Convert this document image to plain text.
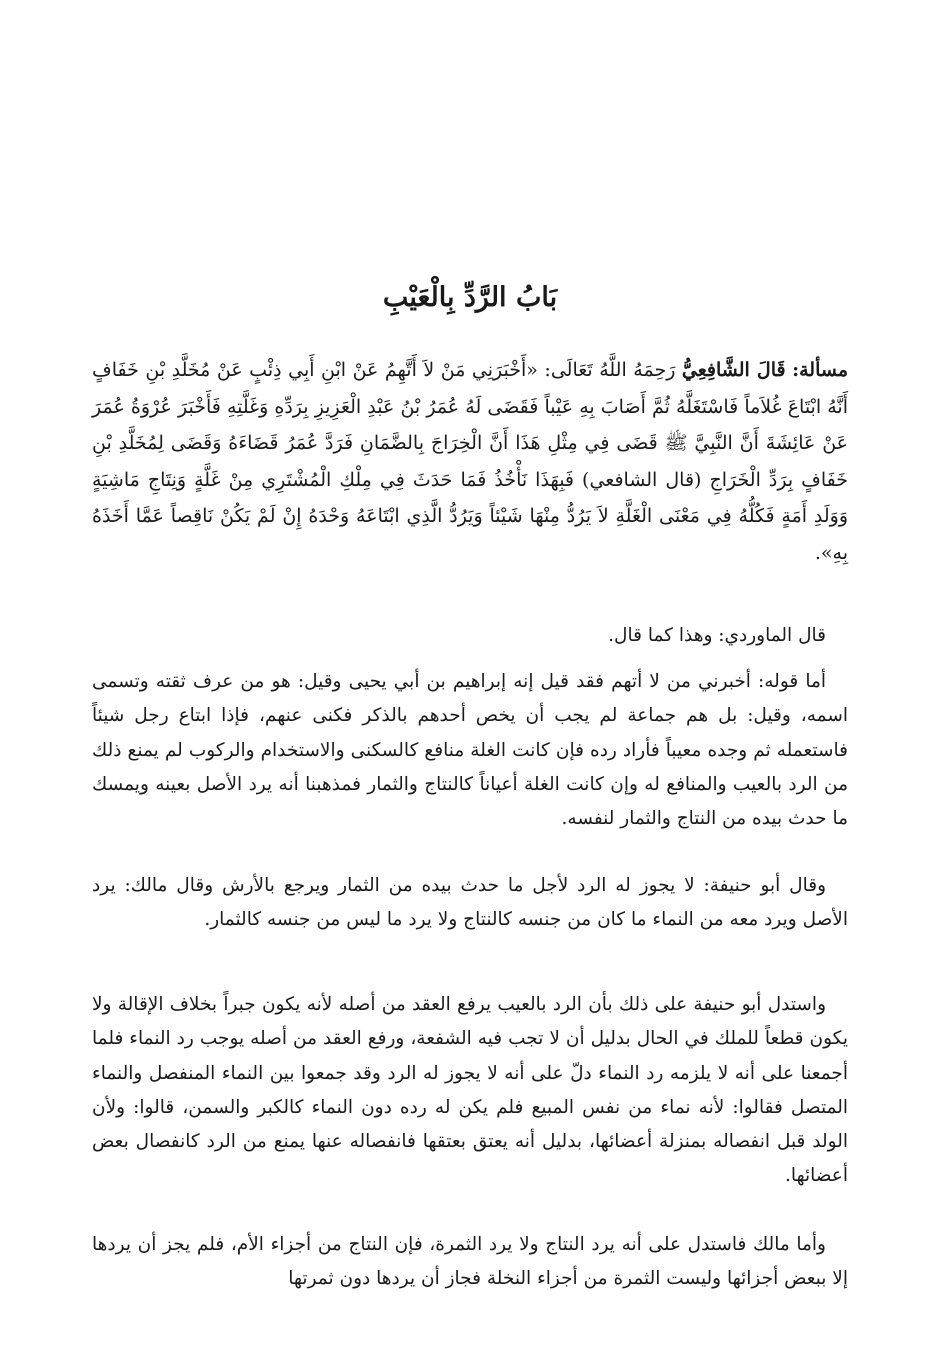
بَابُ الرَّدِّ بِالْعَيْبِ

مسألة: قَالَ الشَّافِعِيُّ رَحِمَهُ اللَّهُ تَعَالَى: «أَخْبَرَنِي مَنْ لاَ أَتَّهِمُ عَنْ ابْنِ أَبِي ذِئْبٍ عَنْ مُخَلَّدِ بْنِ خَفَافٍ أَنَّهُ ابْتَاعَ غُلاَماً فَاسْتَغَلَّهُ ثُمَّ أَصَابَ بِهِ عَيْباً فَقَضَى لَهُ عُمَرُ بْنُ عَبْدِ الْعَزِيزِ بِرَدِّهِ وَغَلَّتِهِ فَأَخْبَرَ عُرْوَةُ عُمَرَ عَنْ عَائِشَةَ أَنَّ النَّبِيَّ ﷺ قَضَى فِي مِثْلِ هَذَا أَنَّ الْخِرَاجَ بِالضَّمَانِ فَرَدَّ عُمَرُ قَضَاءَهُ وَقَضَى لِمُخَلَّدِ بْنِ خَفَافٍ بِرَدِّ الْخَرَاجِ (قال الشافعي) فَبِهَذَا نَأْخُذُ فَمَا حَدَثَ فِي مِلْكِ الْمُشْتَرِي مِنْ غَلَّةٍ وَنِتَاجِ مَاشِيَةٍ وَوَلَدِ أَمَةٍ فَكُلُّهُ فِي مَعْنَى الْغَلَّةِ لاَ يَرُدُّ مِنْهَا شَيْئاً وَيَرُدُّ الَّذِي ابْتَاعَهُ وَحْدَهُ إِنْ لَمْ يَكُنْ نَاقِصاً عَمَّا أَخَذَهُ بِهِ».

قال الماوردي: وهذا كما قال.

أما قوله: أخبرني من لا أتهم فقد قيل إنه إبراهيم بن أبي يحيى وقيل: هو من عرف ثقته وتسمى اسمه، وقيل: بل هم جماعة لم يجب أن يخص أحدهم بالذكر فكنى عنهم، فإذا ابتاع رجل شيئاً فاستعمله ثم وجده معيباً فأراد رده فإن كانت الغلة منافع كالسكنى والاستخدام والركوب لم يمنع ذلك من الرد بالعيب والمنافع له وإن كانت الغلة أعياناً كالنتاج والثمار فمذهبنا أنه يرد الأصل بعينه ويمسك ما حدث بيده من النتاج والثمار لنفسه.

وقال أبو حنيفة: لا يجوز له الرد لأجل ما حدث بيده من الثمار ويرجع بالأرش وقال مالك: يرد الأصل ويرد معه من النماء ما كان من جنسه كالنتاج ولا يرد ما ليس من جنسه كالثمار.

واستدل أبو حنيفة على ذلك بأن الرد بالعيب يرفع العقد من أصله لأنه يكون جبراً بخلاف الإقالة ولا يكون قطعاً للملك في الحال بدليل أن لا تجب فيه الشفعة، ورفع العقد من أصله يوجب رد النماء فلما أجمعنا على أنه لا يلزمه رد النماء دلّ على أنه لا يجوز له الرد وقد جمعوا بين النماء المنفصل والنماء المتصل فقالوا: لأنه نماء من نفس المبيع فلم يكن له رده دون النماء كالكبر والسمن، قالوا: ولأن الولد قبل انفصاله بمنزلة أعضائها، بدليل أنه يعتق بعتقها فانفصاله عنها يمنع من الرد كانفصال بعض أعضائها.

وأما مالك فاستدل على أنه يرد النتاج ولا يرد الثمرة، فإن النتاج من أجزاء الأم، فلم يجز أن يردها إلا ببعض أجزائها وليست الثمرة من أجزاء النخلة فجاز أن يردها دون ثمرتها
